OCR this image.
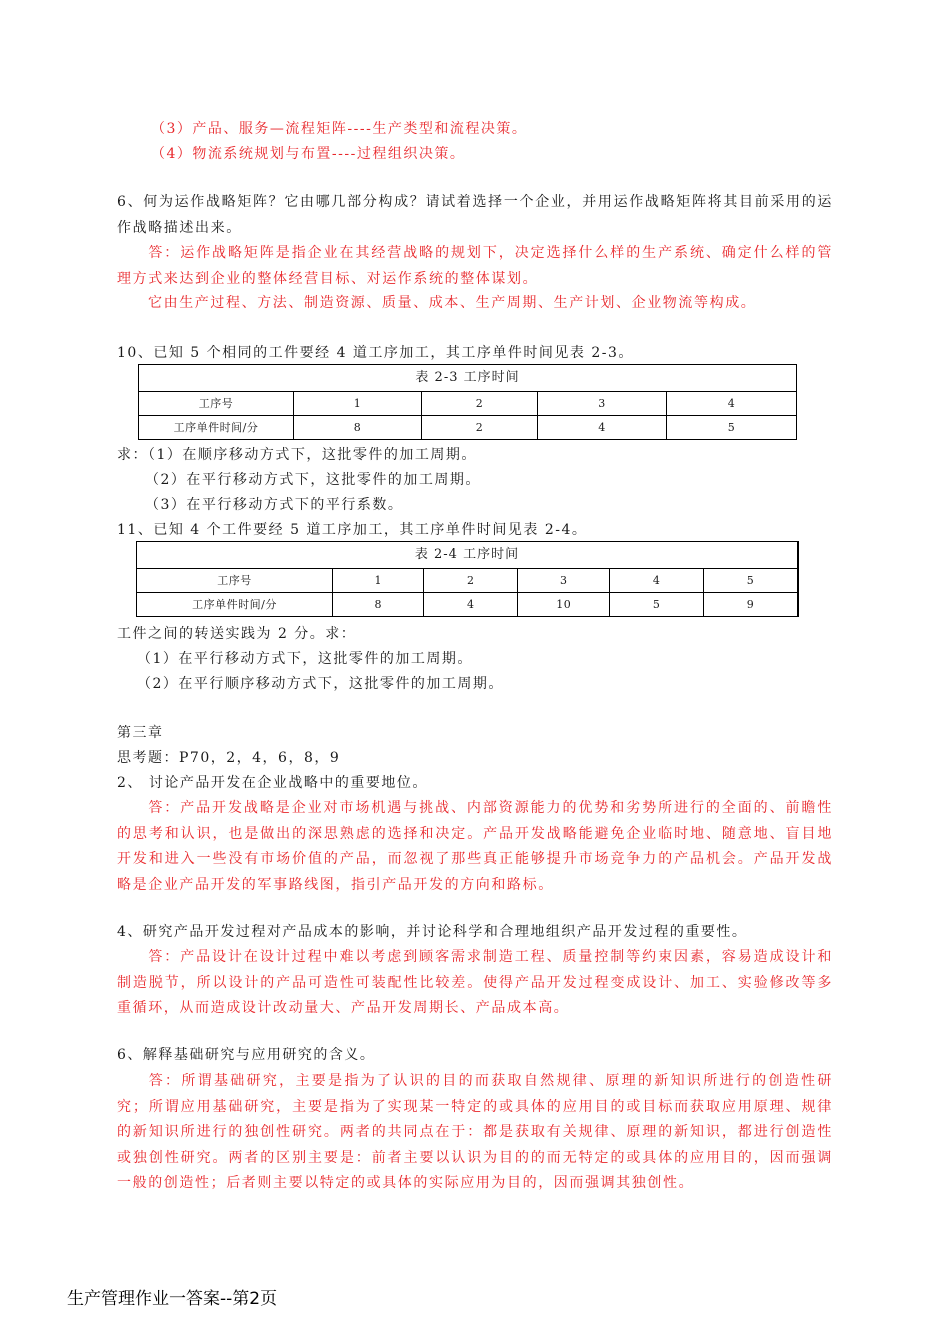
（3）产品、服务—流程矩阵----生产类型和流程决策。
（4）物流系统规划与布置----过程组织决策。
6、何为运作战略矩阵？它由哪几部分构成？请试着选择一个企业，并用运作战略矩阵将其目前采用的运作战略描述出来。
答：运作战略矩阵是指企业在其经营战略的规划下，决定选择什么样的生产系统、确定什么样的管理方式来达到企业的整体经营目标、对运作系统的整体谋划。
它由生产过程、方法、制造资源、质量、成本、生产周期、生产计划、企业物流等构成。
10、已知 5 个相同的工件要经 4 道工序加工，其工序单件时间见表 2-3。
表 2-3 工序时间				
工序号	1	2	3	4
工序单件时间/分	8	2	4	5
求：（1）在顺序移动方式下，这批零件的加工周期。
（2）在平行移动方式下，这批零件的加工周期。
（3）在平行移动方式下的平行系数。
11、已知 4 个工件要经 5 道工序加工，其工序单件时间见表 2-4。
表 2-4 工序时间					
工序号	1	2	3	4	5
工序单件时间/分	8	4	10	5	9
工件之间的转送实践为 2 分。求：
（1）在平行移动方式下，这批零件的加工周期。
（2）在平行顺序移动方式下，这批零件的加工周期。
第三章
思考题：P70，2，4，6，8，9
2、 讨论产品开发在企业战略中的重要地位。
答：产品开发战略是企业对市场机遇与挑战、内部资源能力的优势和劣势所进行的全面的、前瞻性的思考和认识，也是做出的深思熟虑的选择和决定。产品开发战略能避免企业临时地、随意地、盲目地开发和进入一些没有市场价值的产品，而忽视了那些真正能够提升市场竞争力的产品机会。产品开发战略是企业产品开发的军事路线图，指引产品开发的方向和路标。
4、研究产品开发过程对产品成本的影响，并讨论科学和合理地组织产品开发过程的重要性。
答：产品设计在设计过程中难以考虑到顾客需求制造工程、质量控制等约束因素，容易造成设计和制造脱节，所以设计的产品可造性可装配性比较差。使得产品开发过程变成设计、加工、实验修改等多重循环，从而造成设计改动量大、产品开发周期长、产品成本高。
6、解释基础研究与应用研究的含义。
答：所谓基础研究，主要是指为了认识的目的而获取自然规律、原理的新知识所进行的创造性研究；所谓应用基础研究，主要是指为了实现某一特定的或具体的应用目的或目标而获取应用原理、规律的新知识所进行的独创性研究。两者的共同点在于：都是获取有关规律、原理的新知识，都进行创造性或独创性研究。两者的区别主要是：前者主要以认识为目的的而无特定的或具体的应用目的，因而强调一般的创造性；后者则主要以特定的或具体的实际应用为目的，因而强调其独创性。
生产管理作业一答案--第2页
